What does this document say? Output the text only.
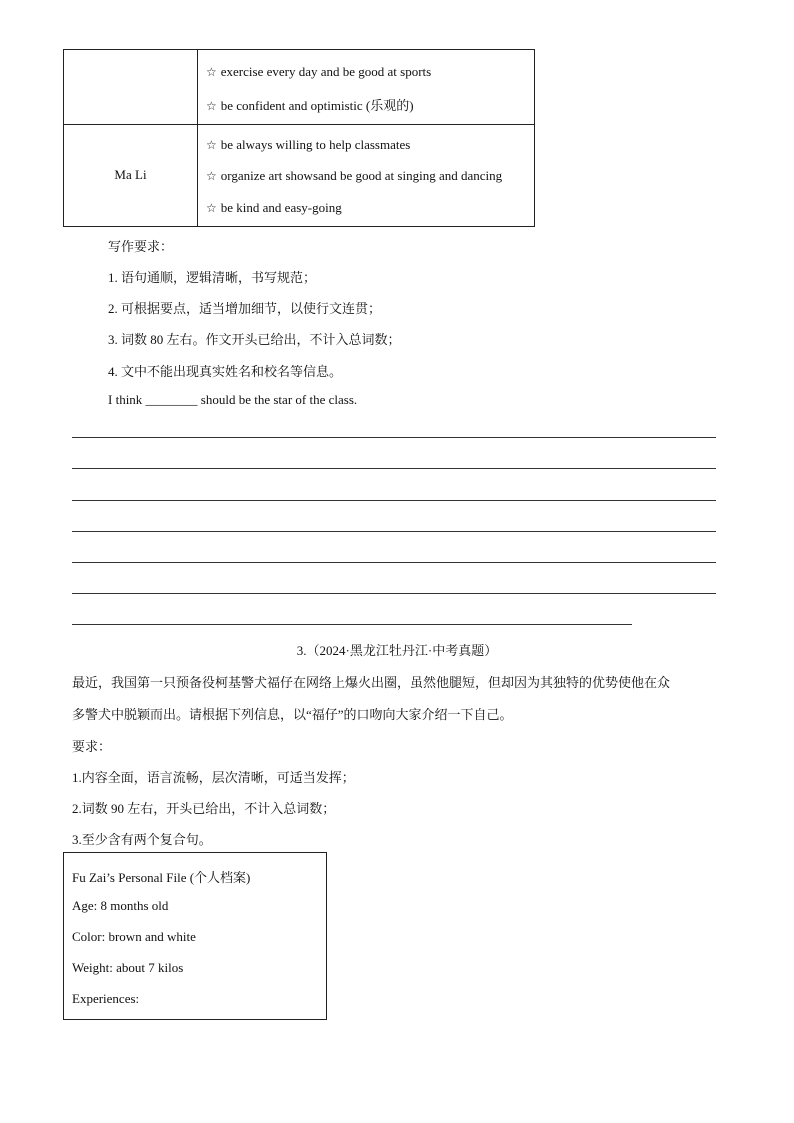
☆ exercise every day and be good at sports
☆ be confident and optimistic (乐观的)
Ma Li
☆ be always willing to help classmates
☆ organize art showsand be good at singing and dancing
☆ be kind and easy-going
写作要求：
1. 语句通顺，逻辑清晰，书写规范；
2. 可根据要点，适当增加细节，以使行文连贯；
3. 词数 80 左右。作文开头已给出，不计入总词数；
4. 文中不能出现真实姓名和校名等信息。
I think ________ should be the star of the class.
3.（2024·黑龙江牡丹江·中考真题）
最近，我国第一只预备役柯基警犬福仔在网络上爆火出圈，虽然他腿短，但却因为其独特的优势使他在众
多警犬中脱颖而出。请根据下列信息，以“福仔”的口吻向大家介绍一下自己。
要求：
1.内容全面，语言流畅，层次清晰，可适当发挥；
2.词数 90 左右，开头已给出，不计入总词数；
3.至少含有两个复合句。
Fu Zai’s Personal File (个人档案)
Age: 8 months old
Color: brown and white
Weight: about 7 kilos
Experiences:
